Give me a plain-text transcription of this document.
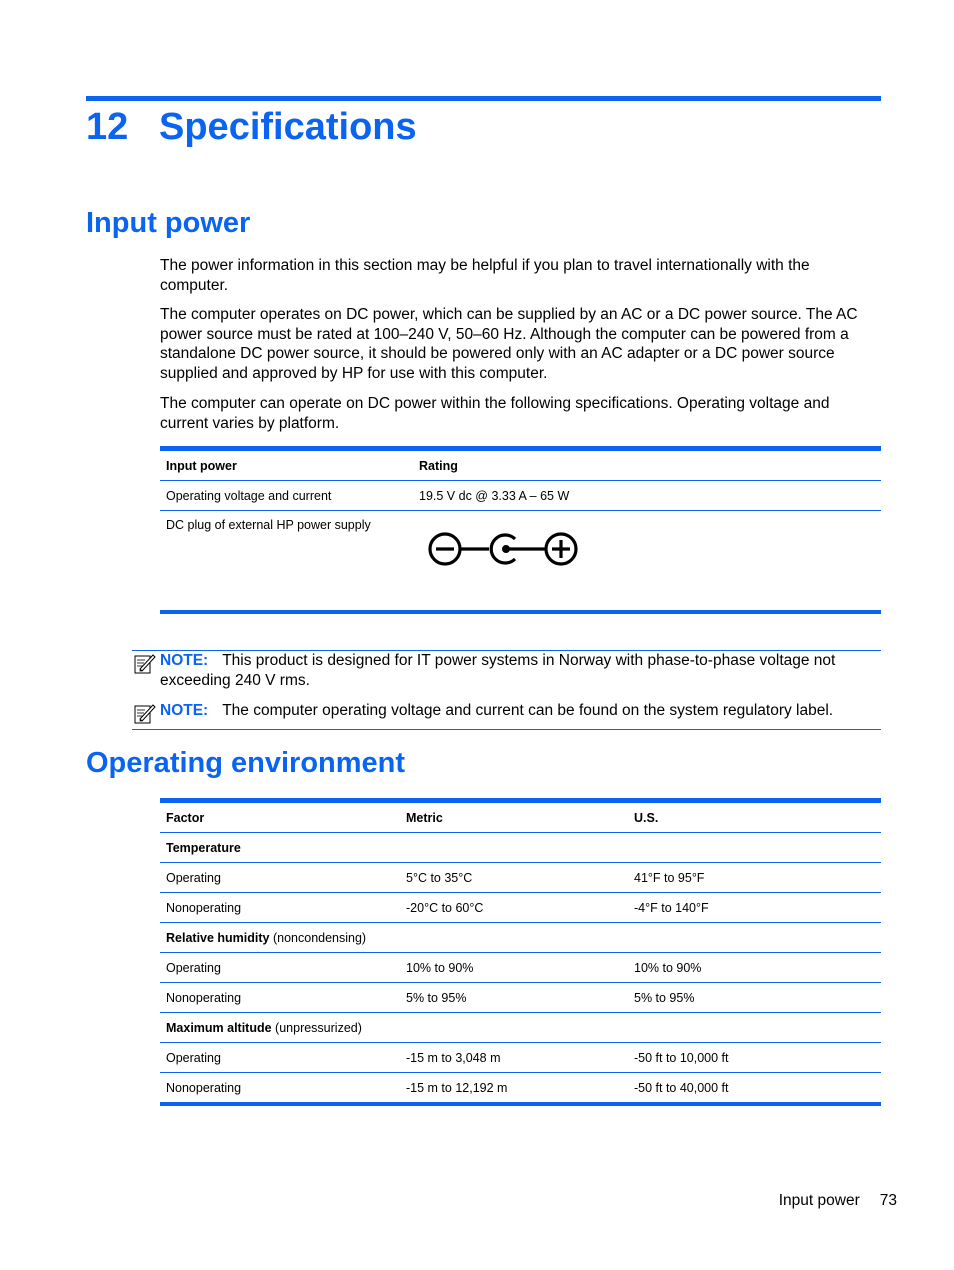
12 Specifications
Input power

The power information in this section may be helpful if you plan to travel internationally with the computer.

The computer operates on DC power, which can be supplied by an AC or a DC power source. The AC power source must be rated at 100–240 V, 50–60 Hz. Although the computer can be powered from a standalone DC power source, it should be powered only with an AC adapter or a DC power source supplied and approved by HP for use with this computer.

The computer can operate on DC power within the following specifications. Operating voltage and current varies by platform.

Input power	Rating
Operating voltage and current	19.5 V dc @ 3.33 A – 65 W
DC plug of external HP power supply	
NOTE: This product is designed for IT power systems in Norway with phase-to-phase voltage not exceeding 240 V rms.
NOTE: The computer operating voltage and current can be found on the system regulatory label.
Operating environment
Factor	Metric	U.S.
Temperature		
Operating	5°C to 35°C	41°F to 95°F
Nonoperating	-20°C to 60°C	-4°F to 140°F
Relative humidity (noncondensing)		
Operating	10% to 90%	10% to 90%
Nonoperating	5% to 95%	5% to 95%
Maximum altitude (unpressurized)		
Operating	-15 m to 3,048 m	-50 ft to 10,000 ft
Nonoperating	-15 m to 12,192 m	-50 ft to 40,000 ft
Input power 73
